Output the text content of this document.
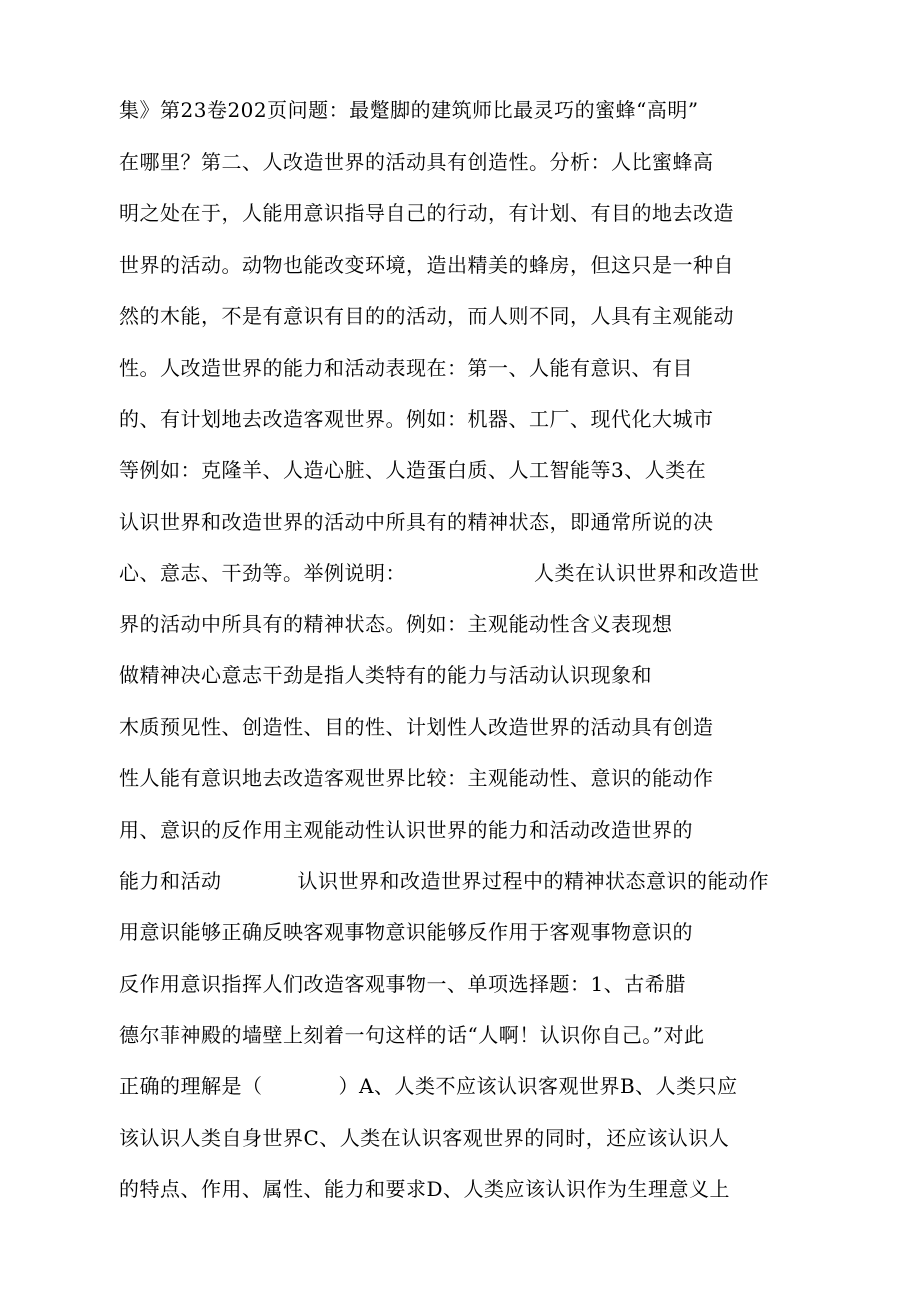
集》第23卷202页问题：最蹩脚的建筑师比最灵巧的蜜蜂“高明”
在哪里？第二、人改造世界的活动具有创造性。分析：人比蜜蜂高
明之处在于，人能用意识指导自己的行动，有计划、有目的地去改造
世界的活动。动物也能改变环境，造出精美的蜂房，但这只是一种自
然的木能，不是有意识有目的的活动，而人则不同，人具有主观能动
性。人改造世界的能力和活动表现在：第一、人能有意识、有目
的、有计划地去改造客观世界。例如：机器、工厂、现代化大城市
等例如：克隆羊、人造心脏、人造蛋白质、人工智能等3、人类在
认识世界和改造世界的活动中所具有的精神状态，即通常所说的决
心、意志、干劲等。举例说明：	人类在认识世界和改造世
界的活动中所具有的精神状态。例如：主观能动性含义表现想
做精神决心意志干劲是指人类特有的能力与活动认识现象和
木质预见性、创造性、目的性、计划性人改造世界的活动具有创造
性人能有意识地去改造客观世界比较：主观能动性、意识的能动作
用、意识的反作用主观能动性认识世界的能力和活动改造世界的
能力和活动	认识世界和改造世界过程中的精神状态意识的能动作
用意识能够正确反映客观事物意识能够反作用于客观事物意识的
反作用意识指挥人们改造客观事物一、单项选择题：1、古希腊
德尔菲神殿的墙壁上刻着一句这样的话“人啊！认识你自己。”对此
正确的理解是（	）A、人类不应该认识客观世界B、人类只应
该认识人类自身世界C、人类在认识客观世界的同时，还应该认识人
的特点、作用、属性、能力和要求D、人类应该认识作为生理意义上
